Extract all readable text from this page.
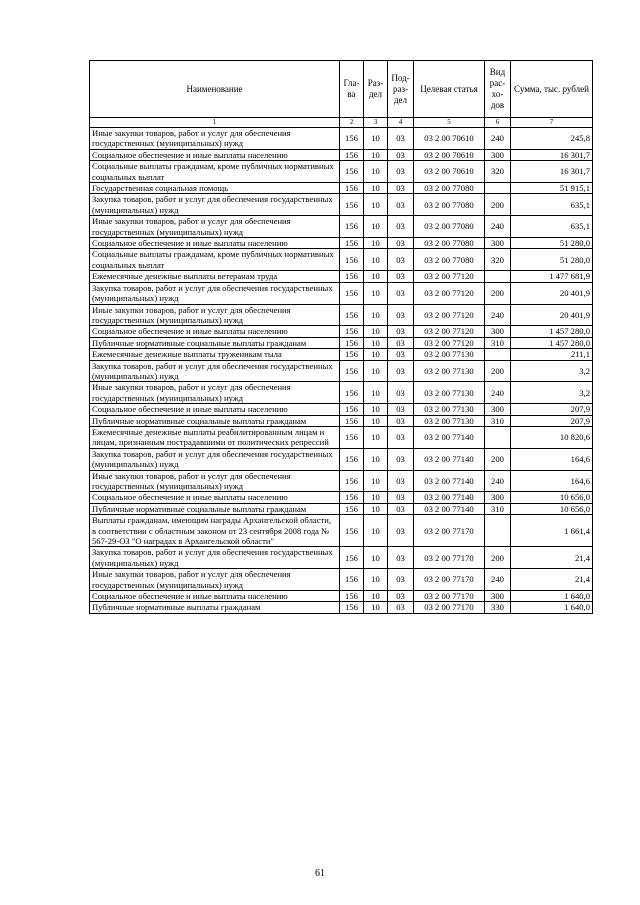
Наименование	Гла-ва	Раз-дел	Под-раз-дел	Целевая статья	Вид рас-хо-дов	Сумма, тыс. рублей
1	2	3	4	5	6	7
Иные закупки товаров, работ и услуг для обеспечения государственных (муниципальных) нужд	156	10	03	03 2 00 70610	240	245,8
Социальное обеспечение и иные выплаты населению	156	10	03	03 2 00 70610	300	16 301,7
Социальные выплаты гражданам, кроме публичных нормативных социальных выплат	156	10	03	03 2 00 70610	320	16 301,7
Государственная социальная помощь	156	10	03	03 2 00 77080		51 915,1
Закупка товаров, работ и услуг для обеспечения государственных (муниципальных) нужд	156	10	03	03 2 00 77080	200	635,1
Иные закупки товаров, работ и услуг для обеспечения государственных (муниципальных) нужд	156	10	03	03 2 00 77080	240	635,1
Социальное обеспечение и иные выплаты населению	156	10	03	03 2 00 77080	300	51 280,0
Социальные выплаты гражданам, кроме публичных нормативных социальных выплат	156	10	03	03 2 00 77080	320	51 280,0
Ежемесячные денежные выплаты ветеранам труда	156	10	03	03 2 00 77120		1 477 681,9
Закупка товаров, работ и услуг для обеспечения государственных (муниципальных) нужд	156	10	03	03 2 00 77120	200	20 401,9
Иные закупки товаров, работ и услуг для обеспечения государственных (муниципальных) нужд	156	10	03	03 2 00 77120	240	20 401,9
Социальное обеспечение и иные выплаты населению	156	10	03	03 2 00 77120	300	1 457 280,0
Публичные нормативные социальные выплаты гражданам	156	10	03	03 2 00 77120	310	1 457 280,0
Ежемесячные денежные выплаты труженикам тыла	156	10	03	03 2 00 77130		211,1
Закупка товаров, работ и услуг для обеспечения государственных (муниципальных) нужд	156	10	03	03 2 00 77130	200	3,2
Иные закупки товаров, работ и услуг для обеспечения государственных (муниципальных) нужд	156	10	03	03 2 00 77130	240	3,2
Социальное обеспечение и иные выплаты населению	156	10	03	03 2 00 77130	300	207,9
Публичные нормативные социальные выплаты гражданам	156	10	03	03 2 00 77130	310	207,9
Ежемесячные денежные выплаты реабилитированным лицам и лицам, признанным пострадавшими от политических репрессий	156	10	03	03 2 00 77140		10 820,6
Закупка товаров, работ и услуг для обеспечения государственных (муниципальных) нужд	156	10	03	03 2 00 77140	200	164,6
Иные закупки товаров, работ и услуг для обеспечения государственных (муниципальных) нужд	156	10	03	03 2 00 77140	240	164,6
Социальное обеспечение и иные выплаты населению	156	10	03	03 2 00 77140	300	10 656,0
Публичные нормативные социальные выплаты гражданам	156	10	03	03 2 00 77140	310	10 656,0
Выплаты гражданам, имеющим награды Архангельской области, в соответствии с областным законом от 23 сентября 2008 года № 567-29-ОЗ "О наградах в Архангельской области"	156	10	03	03 2 00 77170		1 661,4
Закупка товаров, работ и услуг для обеспечения государственных (муниципальных) нужд	156	10	03	03 2 00 77170	200	21,4
Иные закупки товаров, работ и услуг для обеспечения государственных (муниципальных) нужд	156	10	03	03 2 00 77170	240	21,4
Социальное обеспечение и иные выплаты населению	156	10	03	03 2 00 77170	300	1 640,0
Публичные нормативные выплаты гражданам	156	10	03	03 2 00 77170	330	1 640,0
61
